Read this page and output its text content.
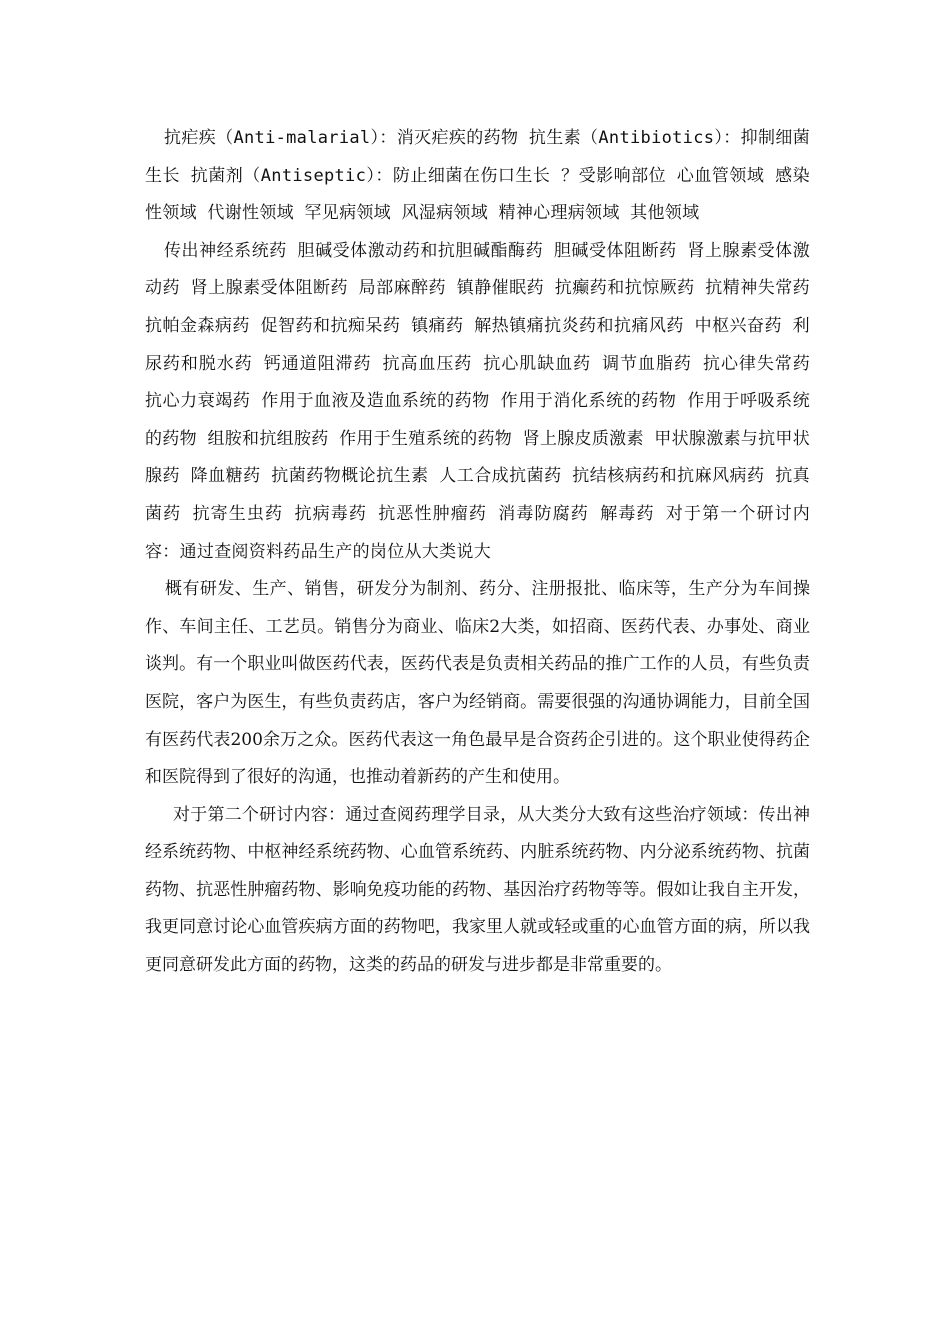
抗疟疾（Anti-malarial）：消灭疟疾的药物 抗生素（Antibiotics）：抑制细菌生长 抗菌剂（Antiseptic）：防止细菌在伤口生长 ？受影响部位 心血管领域 感染性领域 代谢性领域 罕见病领域 风湿病领域 精神心理病领域 其他领域

传出神经系统药 胆碱受体激动药和抗胆碱酯酶药 胆碱受体阻断药 肾上腺素受体激动药 肾上腺素受体阻断药 局部麻醉药 镇静催眠药 抗癫药和抗惊厥药 抗精神失常药 抗帕金森病药 促智药和抗痴呆药 镇痛药 解热镇痛抗炎药和抗痛风药 中枢兴奋药 利尿药和脱水药 钙通道阻滞药 抗高血压药 抗心肌缺血药 调节血脂药 抗心律失常药 抗心力衰竭药 作用于血液及造血系统的药物 作用于消化系统的药物 作用于呼吸系统的药物 组胺和抗组胺药 作用于生殖系统的药物 肾上腺皮质激素 甲状腺激素与抗甲状腺药 降血糖药 抗菌药物概论抗生素 人工合成抗菌药 抗结核病药和抗麻风病药 抗真菌药 抗寄生虫药 抗病毒药 抗恶性肿瘤药 消毒防腐药 解毒药 对于第一个研讨内容：通过查阅资料药品生产的岗位从大类说大

概有研发、生产、销售，研发分为制剂、药分、注册报批、临床等，生产分为车间操作、车间主任、工艺员。销售分为商业、临床2大类，如招商、医药代表、办事处、商业谈判。有一个职业叫做医药代表，医药代表是负责相关药品的推广工作的人员，有些负责医院，客户为医生，有些负责药店，客户为经销商。需要很强的沟通协调能力，目前全国有医药代表200余万之众。医药代表这一角色最早是合资药企引进的。这个职业使得药企和医院得到了很好的沟通，也推动着新药的产生和使用。

对于第二个研讨内容：通过查阅药理学目录，从大类分大致有这些治疗领域：传出神经系统药物、中枢神经系统药物、心血管系统药、内脏系统药物、内分泌系统药物、抗菌药物、抗恶性肿瘤药物、影响免疫功能的药物、基因治疗药物等等。假如让我自主开发，我更同意讨论心血管疾病方面的药物吧，我家里人就或轻或重的心血管方面的病，所以我更同意研发此方面的药物，这类的药品的研发与进步都是非常重要的。
